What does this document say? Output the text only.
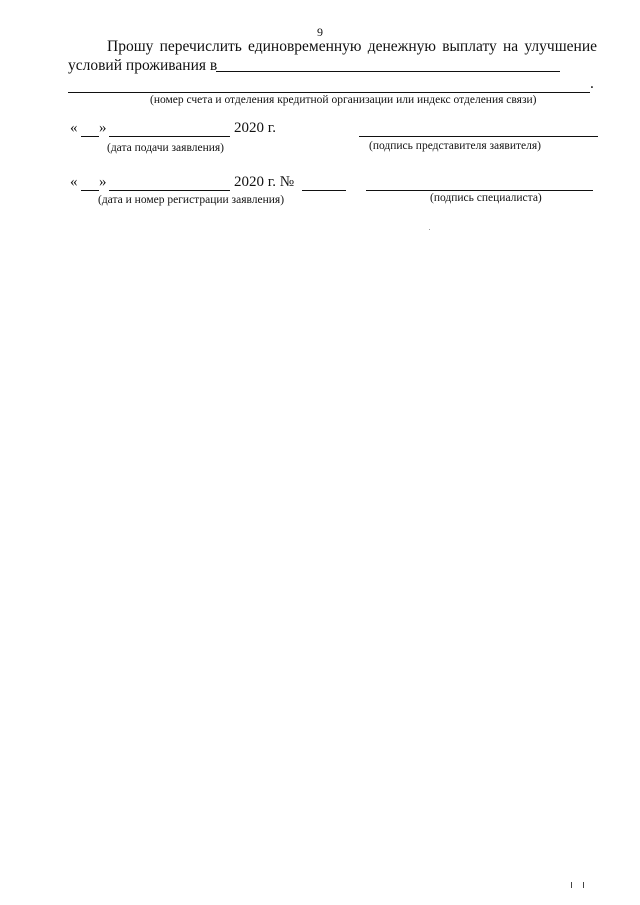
9
Прошу перечислить единовременную денежную выплату на улучшение
условий проживания в
.
(номер счета и отделения кредитной организации или индекс отделения связи)
« »	2020 г.
(дата подачи заявления)	(подпись представителя заявителя)
« »	2020 г. №
(дата и номер регистрации заявления)	(подпись специалиста)
